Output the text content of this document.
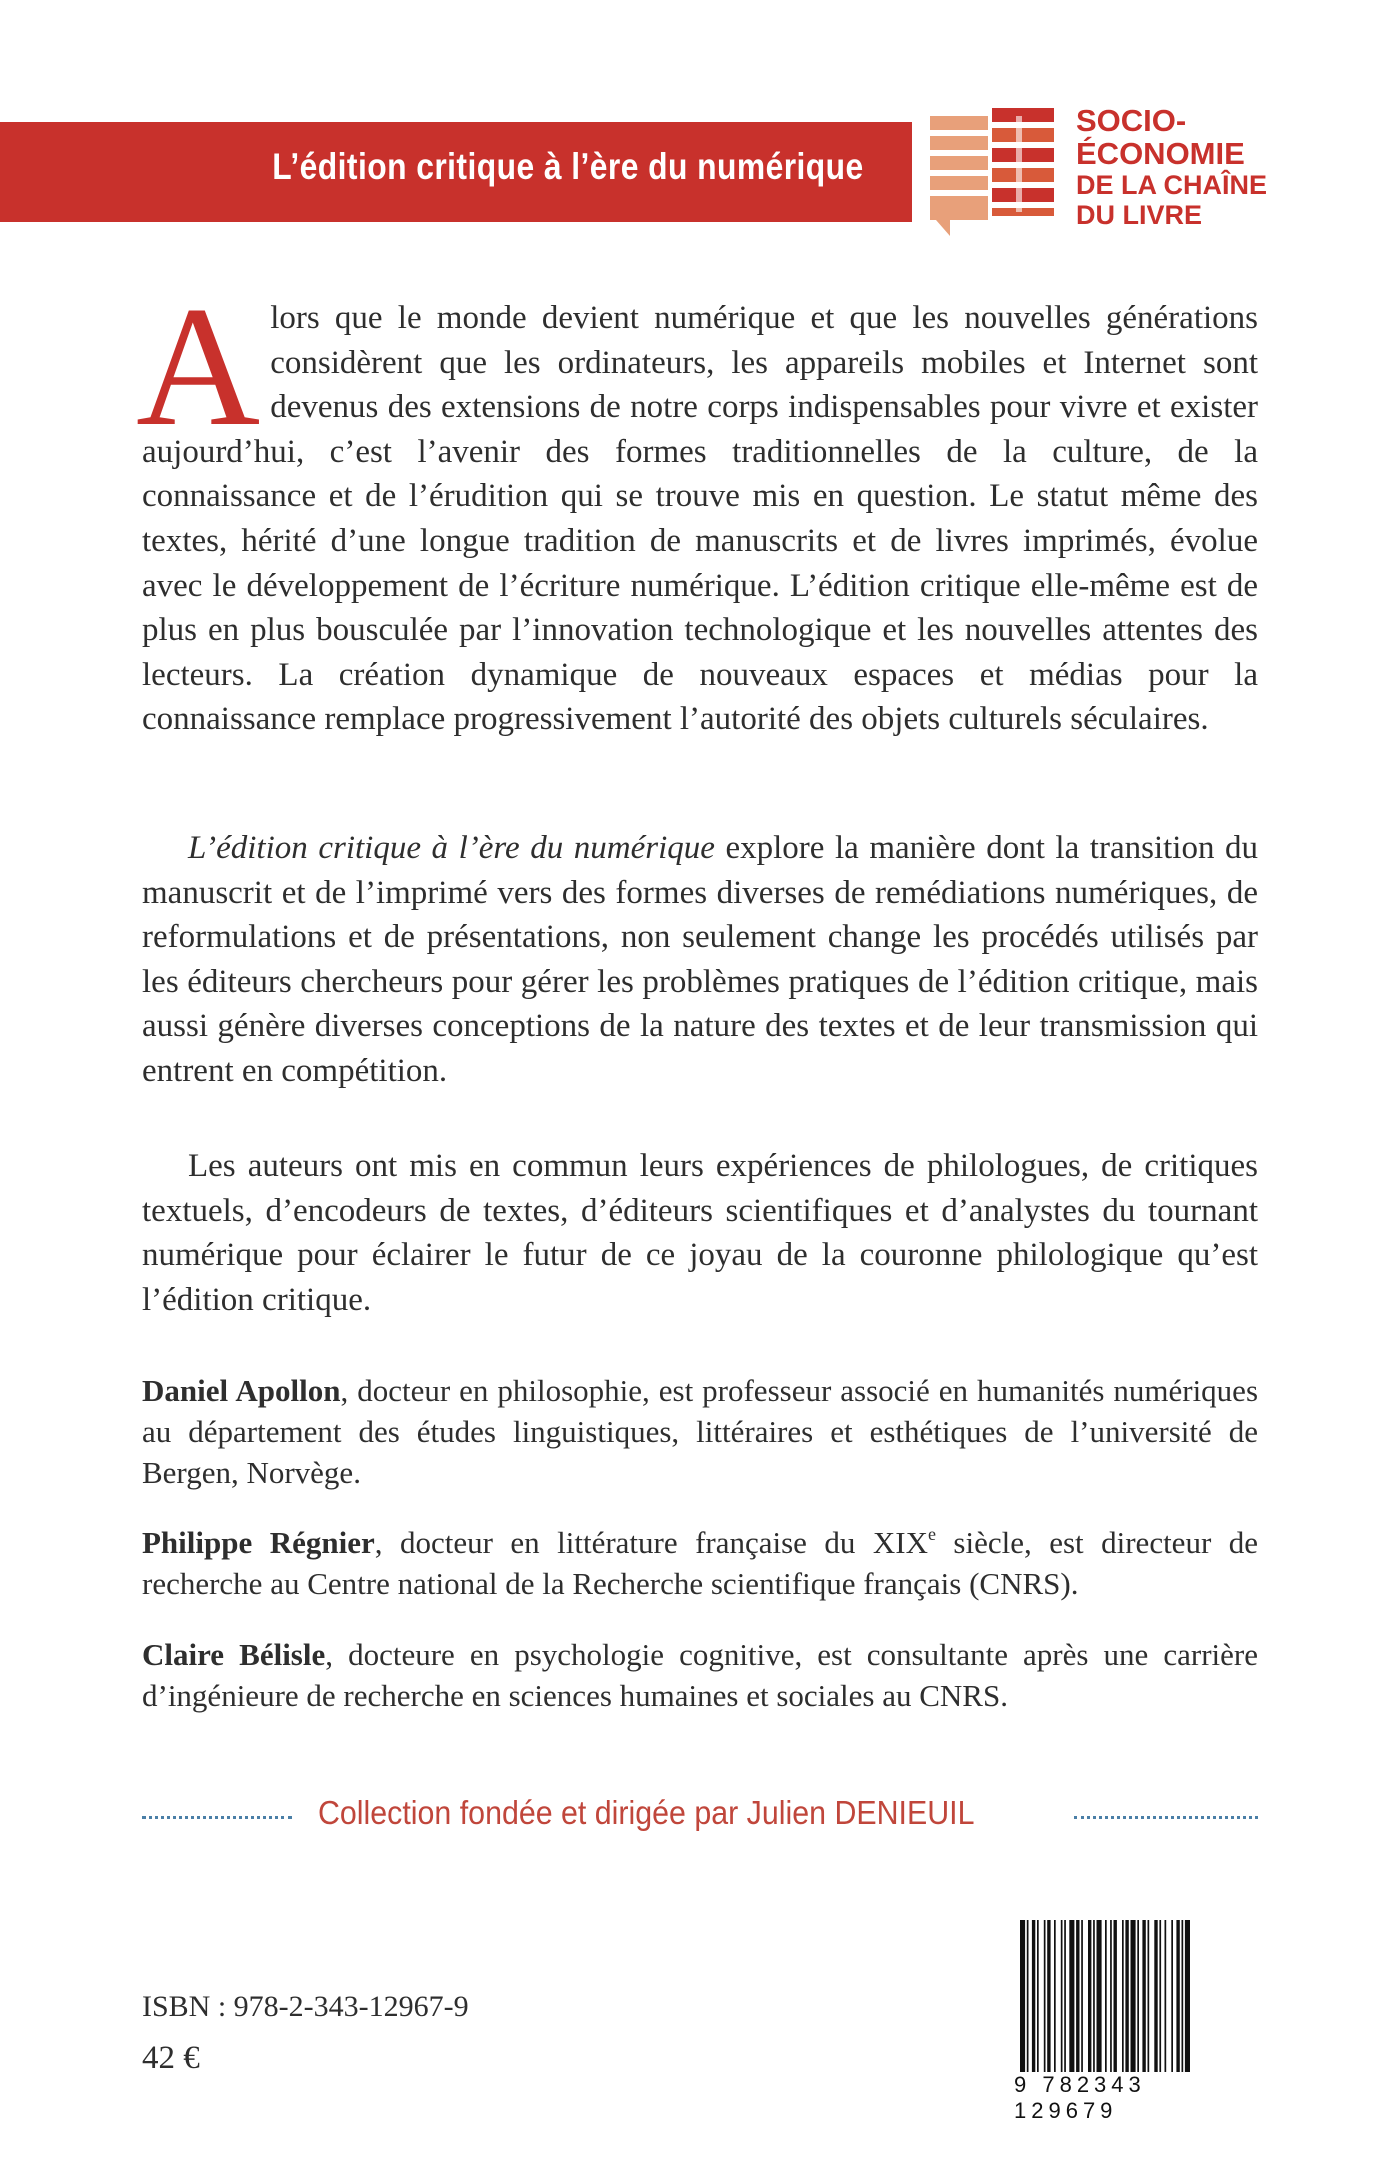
L’édition critique à l’ère du numérique
SOCIO-
ÉCONOMIE
DE LA CHAÎNE
DU LIVRE
Alors que le monde devient numérique et que les nouvelles générations considèrent que les ordinateurs, les appareils mobiles et Internet sont devenus des extensions de notre corps indispensables pour vivre et exister aujourd’hui, c’est l’avenir des formes traditionnelles de la culture, de la connaissance et de l’érudition qui se trouve mis en question. Le statut même des textes, hérité d’une longue tradition de manuscrits et de livres imprimés, évolue avec le développement de l’écriture numérique. L’édition critique elle-même est de plus en plus bousculée par l’innovation technologique et les nouvelles attentes des lecteurs. La création dynamique de nouveaux espaces et médias pour la connaissance remplace progressivement l’autorité des objets culturels séculaires.

L’édition critique à l’ère du numérique explore la manière dont la transition du manuscrit et de l’imprimé vers des formes diverses de remédiations numériques, de reformulations et de présentations, non seulement change les procédés utilisés par les éditeurs chercheurs pour gérer les problèmes pratiques de l’édition critique, mais aussi génère diverses conceptions de la nature des textes et de leur transmission qui entrent en compétition.

Les auteurs ont mis en commun leurs expériences de philologues, de critiques textuels, d’encodeurs de textes, d’éditeurs scientifiques et d’analystes du tournant numérique pour éclairer le futur de ce joyau de la couronne philologique qu’est l’édition critique.

Daniel Apollon, docteur en philosophie, est professeur associé en humanités numériques au département des études linguistiques, littéraires et esthétiques de l’université de Bergen, Norvège.
Philippe Régnier, docteur en littérature française du XIXe siècle, est directeur de recherche au Centre national de la Recherche scientifique français (CNRS).
Claire Bélisle, docteure en psychologie cognitive, est consultante après une carrière d’ingénieure de recherche en sciences humaines et sociales au CNRS.
Collection fondée et dirigée par Julien DENIEUIL
ISBN : 978-2-343-12967-9
42 €
9 782343 129679
